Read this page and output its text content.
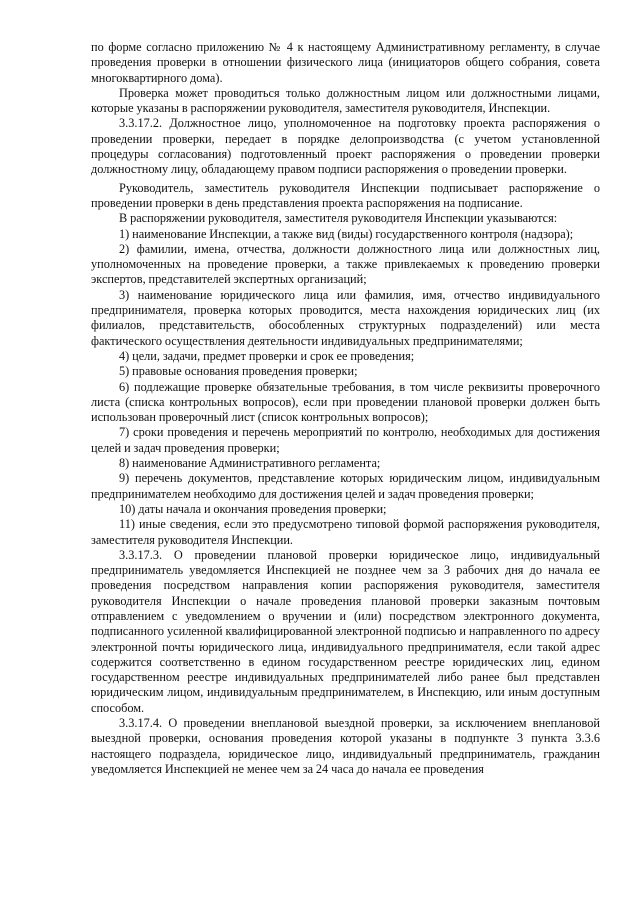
по форме согласно приложению № 4 к настоящему Административному регламенту, в случае проведения проверки в отношении физического лица (инициаторов общего собрания, совета многоквартирного дома).

Проверка может проводиться только должностным лицом или должностными лицами, которые указаны в распоряжении руководителя, заместителя руководителя, Инспекции.

3.3.17.2. Должностное лицо, уполномоченное на подготовку проекта распоряжения о проведении проверки, передает в порядке делопроизводства (с учетом установленной процедуры согласования) подготовленный проект распоряжения о проведении проверки должностному лицу, обладающему правом подписи распоряжения о проведении проверки.

Руководитель, заместитель руководителя Инспекции подписывает распоряжение о проведении проверки в день представления проекта распоряжения на подписание.

В распоряжении руководителя, заместителя руководителя Инспекции указываются:

1) наименование Инспекции, а также вид (виды) государственного контроля (надзора);

2) фамилии, имена, отчества, должности должностного лица или должностных лиц, уполномоченных на проведение проверки, а также привлекаемых к проведению проверки экспертов, представителей экспертных организаций;

3) наименование юридического лица или фамилия, имя, отчество индивидуального предпринимателя, проверка которых проводится, места нахождения юридических лиц (их филиалов, представительств, обособленных структурных подразделений) или места фактического осуществления деятельности индивидуальных предпринимателями;

4) цели, задачи, предмет проверки и срок ее проведения;

5) правовые основания проведения проверки;

6) подлежащие проверке обязательные требования, в том числе реквизиты проверочного листа (списка контрольных вопросов), если при проведении плановой проверки должен быть использован проверочный лист (список контрольных вопросов);

7) сроки проведения и перечень мероприятий по контролю, необходимых для достижения целей и задач проведения проверки;

8) наименование Административного регламента;

9) перечень документов, представление которых юридическим лицом, индивидуальным предпринимателем необходимо для достижения целей и задач проведения проверки;

10) даты начала и окончания проведения проверки;

11) иные сведения, если это предусмотрено типовой формой распоряжения руководителя, заместителя руководителя Инспекции.

3.3.17.3. О проведении плановой проверки юридическое лицо, индивидуальный предприниматель уведомляется Инспекцией не позднее чем за 3 рабочих дня до начала ее проведения посредством направления копии распоряжения руководителя, заместителя руководителя Инспекции о начале проведения плановой проверки заказным почтовым отправлением с уведомлением о вручении и (или) посредством электронного документа, подписанного усиленной квалифицированной электронной подписью и направленного по адресу электронной почты юридического лица, индивидуального предпринимателя, если такой адрес содержится соответственно в едином государственном реестре юридических лиц, едином государственном реестре индивидуальных предпринимателей либо ранее был представлен юридическим лицом, индивидуальным предпринимателем, в Инспекцию, или иным доступным способом.

3.3.17.4. О проведении внеплановой выездной проверки, за исключением внеплановой выездной проверки, основания проведения которой указаны в подпункте 3 пункта 3.3.6 настоящего подраздела, юридическое лицо, индивидуальный предприниматель, гражданин уведомляется Инспекцией не менее чем за 24 часа до начала ее проведения
